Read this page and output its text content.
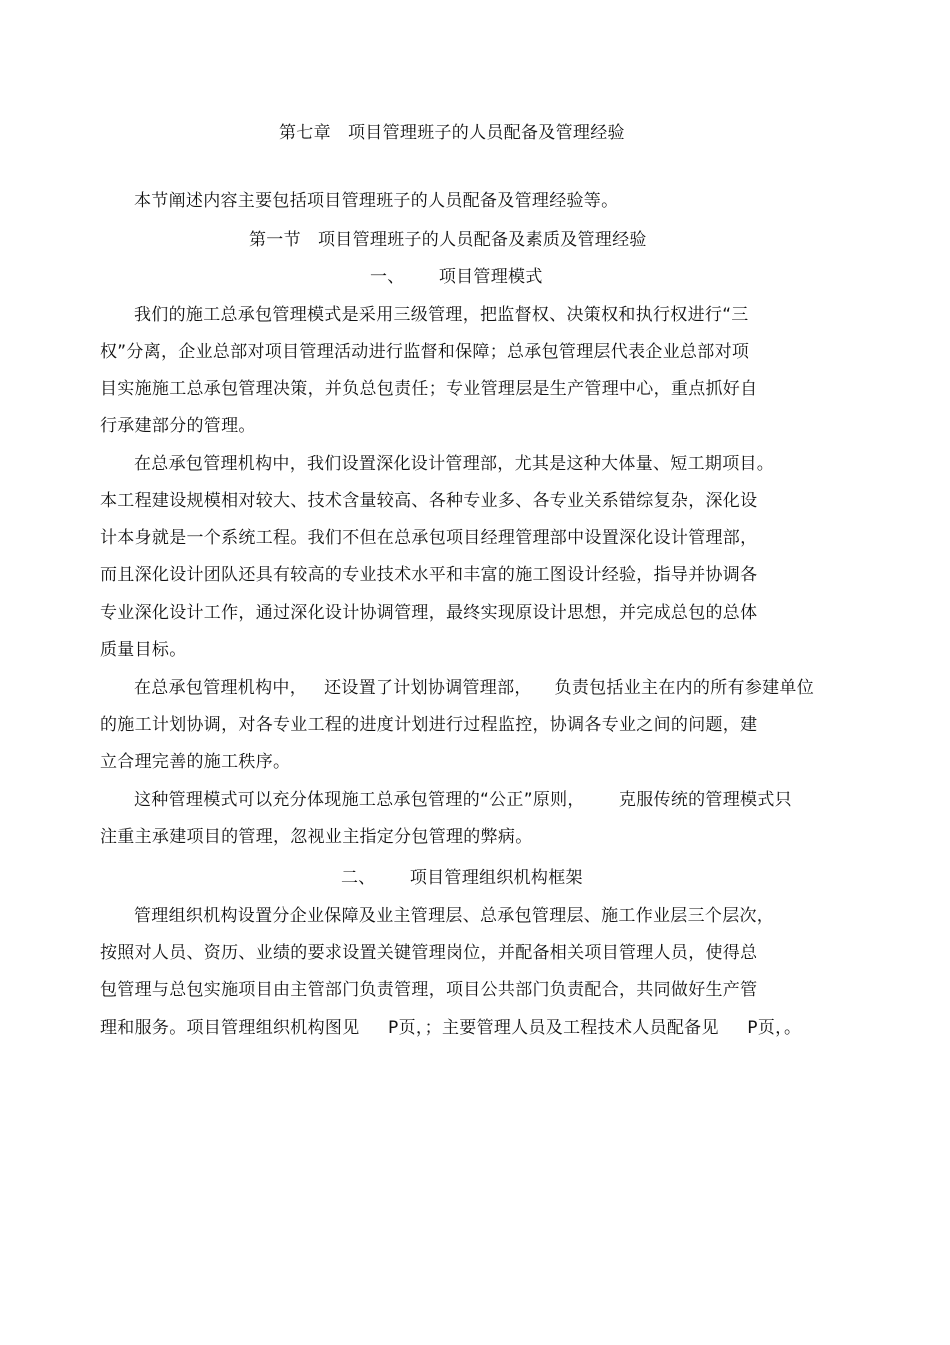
第七章   项目管理班子的人员配备及管理经验
本节阐述内容主要包括项目管理班子的人员配备及管理经验等。
第一节   项目管理班子的人员配备及素质及管理经验
一、      项目管理模式
我们的施工总承包管理模式是采用三级管理，把监督权、决策权和执行权进行“三
权”分离，企业总部对项目管理活动进行监督和保障；总承包管理层代表企业总部对项
目实施施工总承包管理决策，并负总包责任；专业管理层是生产管理中心，重点抓好自
行承建部分的管理。
在总承包管理机构中，我们设置深化设计管理部，尤其是这种大体量、短工期项目。
本工程建设规模相对较大、技术含量较高、各种专业多、各专业关系错综复杂，深化设
计本身就是一个系统工程。我们不但在总承包项目经理管理部中设置深化设计管理部，
而且深化设计团队还具有较高的专业技术水平和丰富的施工图设计经验，指导并协调各
专业深化设计工作，通过深化设计协调管理，最终实现原设计思想，并完成总包的总体
质量目标。
在总承包管理机构中，   还设置了计划协调管理部，    负责包括业主在内的所有参建单位
的施工计划协调，对各专业工程的进度计划进行过程监控，协调各专业之间的问题，建
立合理完善的施工秩序。
这种管理模式可以充分体现施工总承包管理的“公正”原则，      克服传统的管理模式只
注重主承建项目的管理，忽视业主指定分包管理的弊病。
二、      项目管理组织机构框架
管理组织机构设置分企业保障及业主管理层、总承包管理层、施工作业层三个层次，
按照对人员、资历、业绩的要求设置关键管理岗位，并配备相关项目管理人员，使得总
包管理与总包实施项目由主管部门负责管理，项目公共部门负责配合，共同做好生产管
理和服务。项目管理组织机构图见     P页，；主要管理人员及工程技术人员配备见     P页，。
